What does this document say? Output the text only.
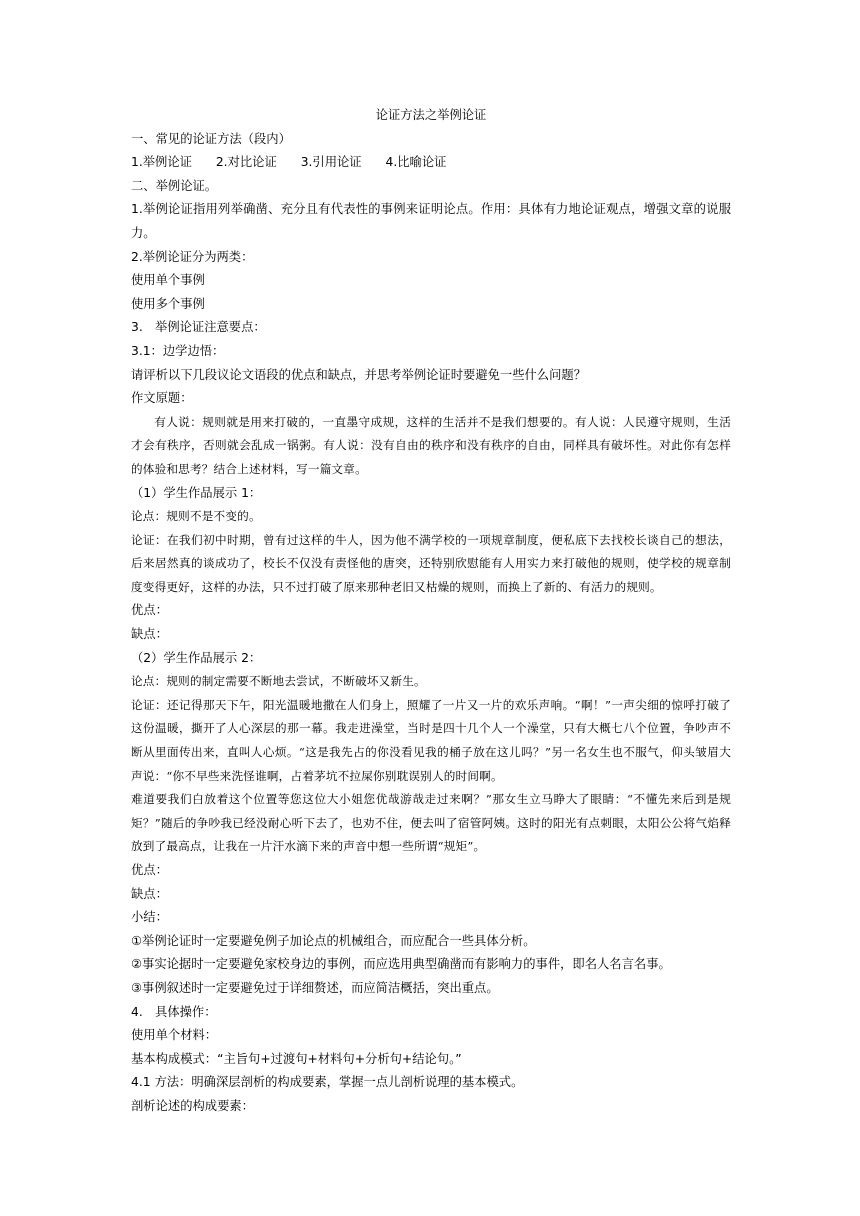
论证方法之举例论证

一、常见的论证方法（段内）

1.举例论证 2.对比论证 3.引用论证 4.比喻论证

二、举例论证。

1.举例论证指用列举确凿、充分且有代表性的事例来证明论点。作用：具体有力地论证观点，增强文章的说服力。

2.举例论证分为两类：

使用单个事例

使用多个事例

3.　举例论证注意要点：

3.1：边学边悟：

请评析以下几段议论文语段的优点和缺点，并思考举例论证时要避免一些什么问题？

作文原题：

有人说：规则就是用来打破的，一直墨守成规，这样的生活并不是我们想要的。有人说：人民遵守规则，生活才会有秩序，否则就会乱成一锅粥。有人说：没有自由的秩序和没有秩序的自由，同样具有破坏性。对此你有怎样的体验和思考？结合上述材料，写一篇文章。

（1）学生作品展示 1：

论点：规则不是不变的。

论证：在我们初中时期，曾有过这样的牛人，因为他不满学校的一项规章制度，便私底下去找校长谈自己的想法，后来居然真的谈成功了，校长不仅没有责怪他的唐突，还特别欣慰能有人用实力来打破他的规则，使学校的规章制度变得更好，这样的办法，只不过打破了原来那种老旧又枯燥的规则，而换上了新的、有活力的规则。

优点：

缺点：

（2）学生作品展示 2：

论点：规则的制定需要不断地去尝试，不断破坏又新生。

论证：还记得那天下午，阳光温暖地撒在人们身上，照耀了一片又一片的欢乐声响。“啊！”一声尖细的惊呼打破了这份温暖，撕开了人心深层的那一幕。我走进澡堂，当时是四十几个人一个澡堂，只有大概七八个位置，争吵声不断从里面传出来，直叫人心烦。“这是我先占的你没看见我的桶子放在这儿吗？”另一名女生也不服气，仰头皱眉大声说：“你不早些来洗怪谁啊，占着茅坑不拉屎你别耽误别人的时间啊。

难道要我们白放着这个位置等您这位大小姐您优哉游哉走过来啊？”那女生立马睁大了眼睛：“不懂先来后到是规矩？”随后的争吵我已经没耐心听下去了，也劝不住，便去叫了宿管阿姨。这时的阳光有点刺眼，太阳公公将气焰释放到了最高点，让我在一片汗水滴下来的声音中想一些所谓“规矩”。

优点：

缺点：

小结：

①举例论证时一定要避免例子加论点的机械组合，而应配合一些具体分析。

②事实论据时一定要避免家校身边的事例，而应选用典型确凿而有影响力的事件，即名人名言名事。

③事例叙述时一定要避免过于详细赘述，而应简洁概括，突出重点。

4.　具体操作：

使用单个材料：

基本构成模式：“主旨句+过渡句+材料句+分析句+结论句。”

4.1 方法：明确深层剖析的构成要素，掌握一点儿剖析说理的基本模式。

剖析论述的构成要素：
